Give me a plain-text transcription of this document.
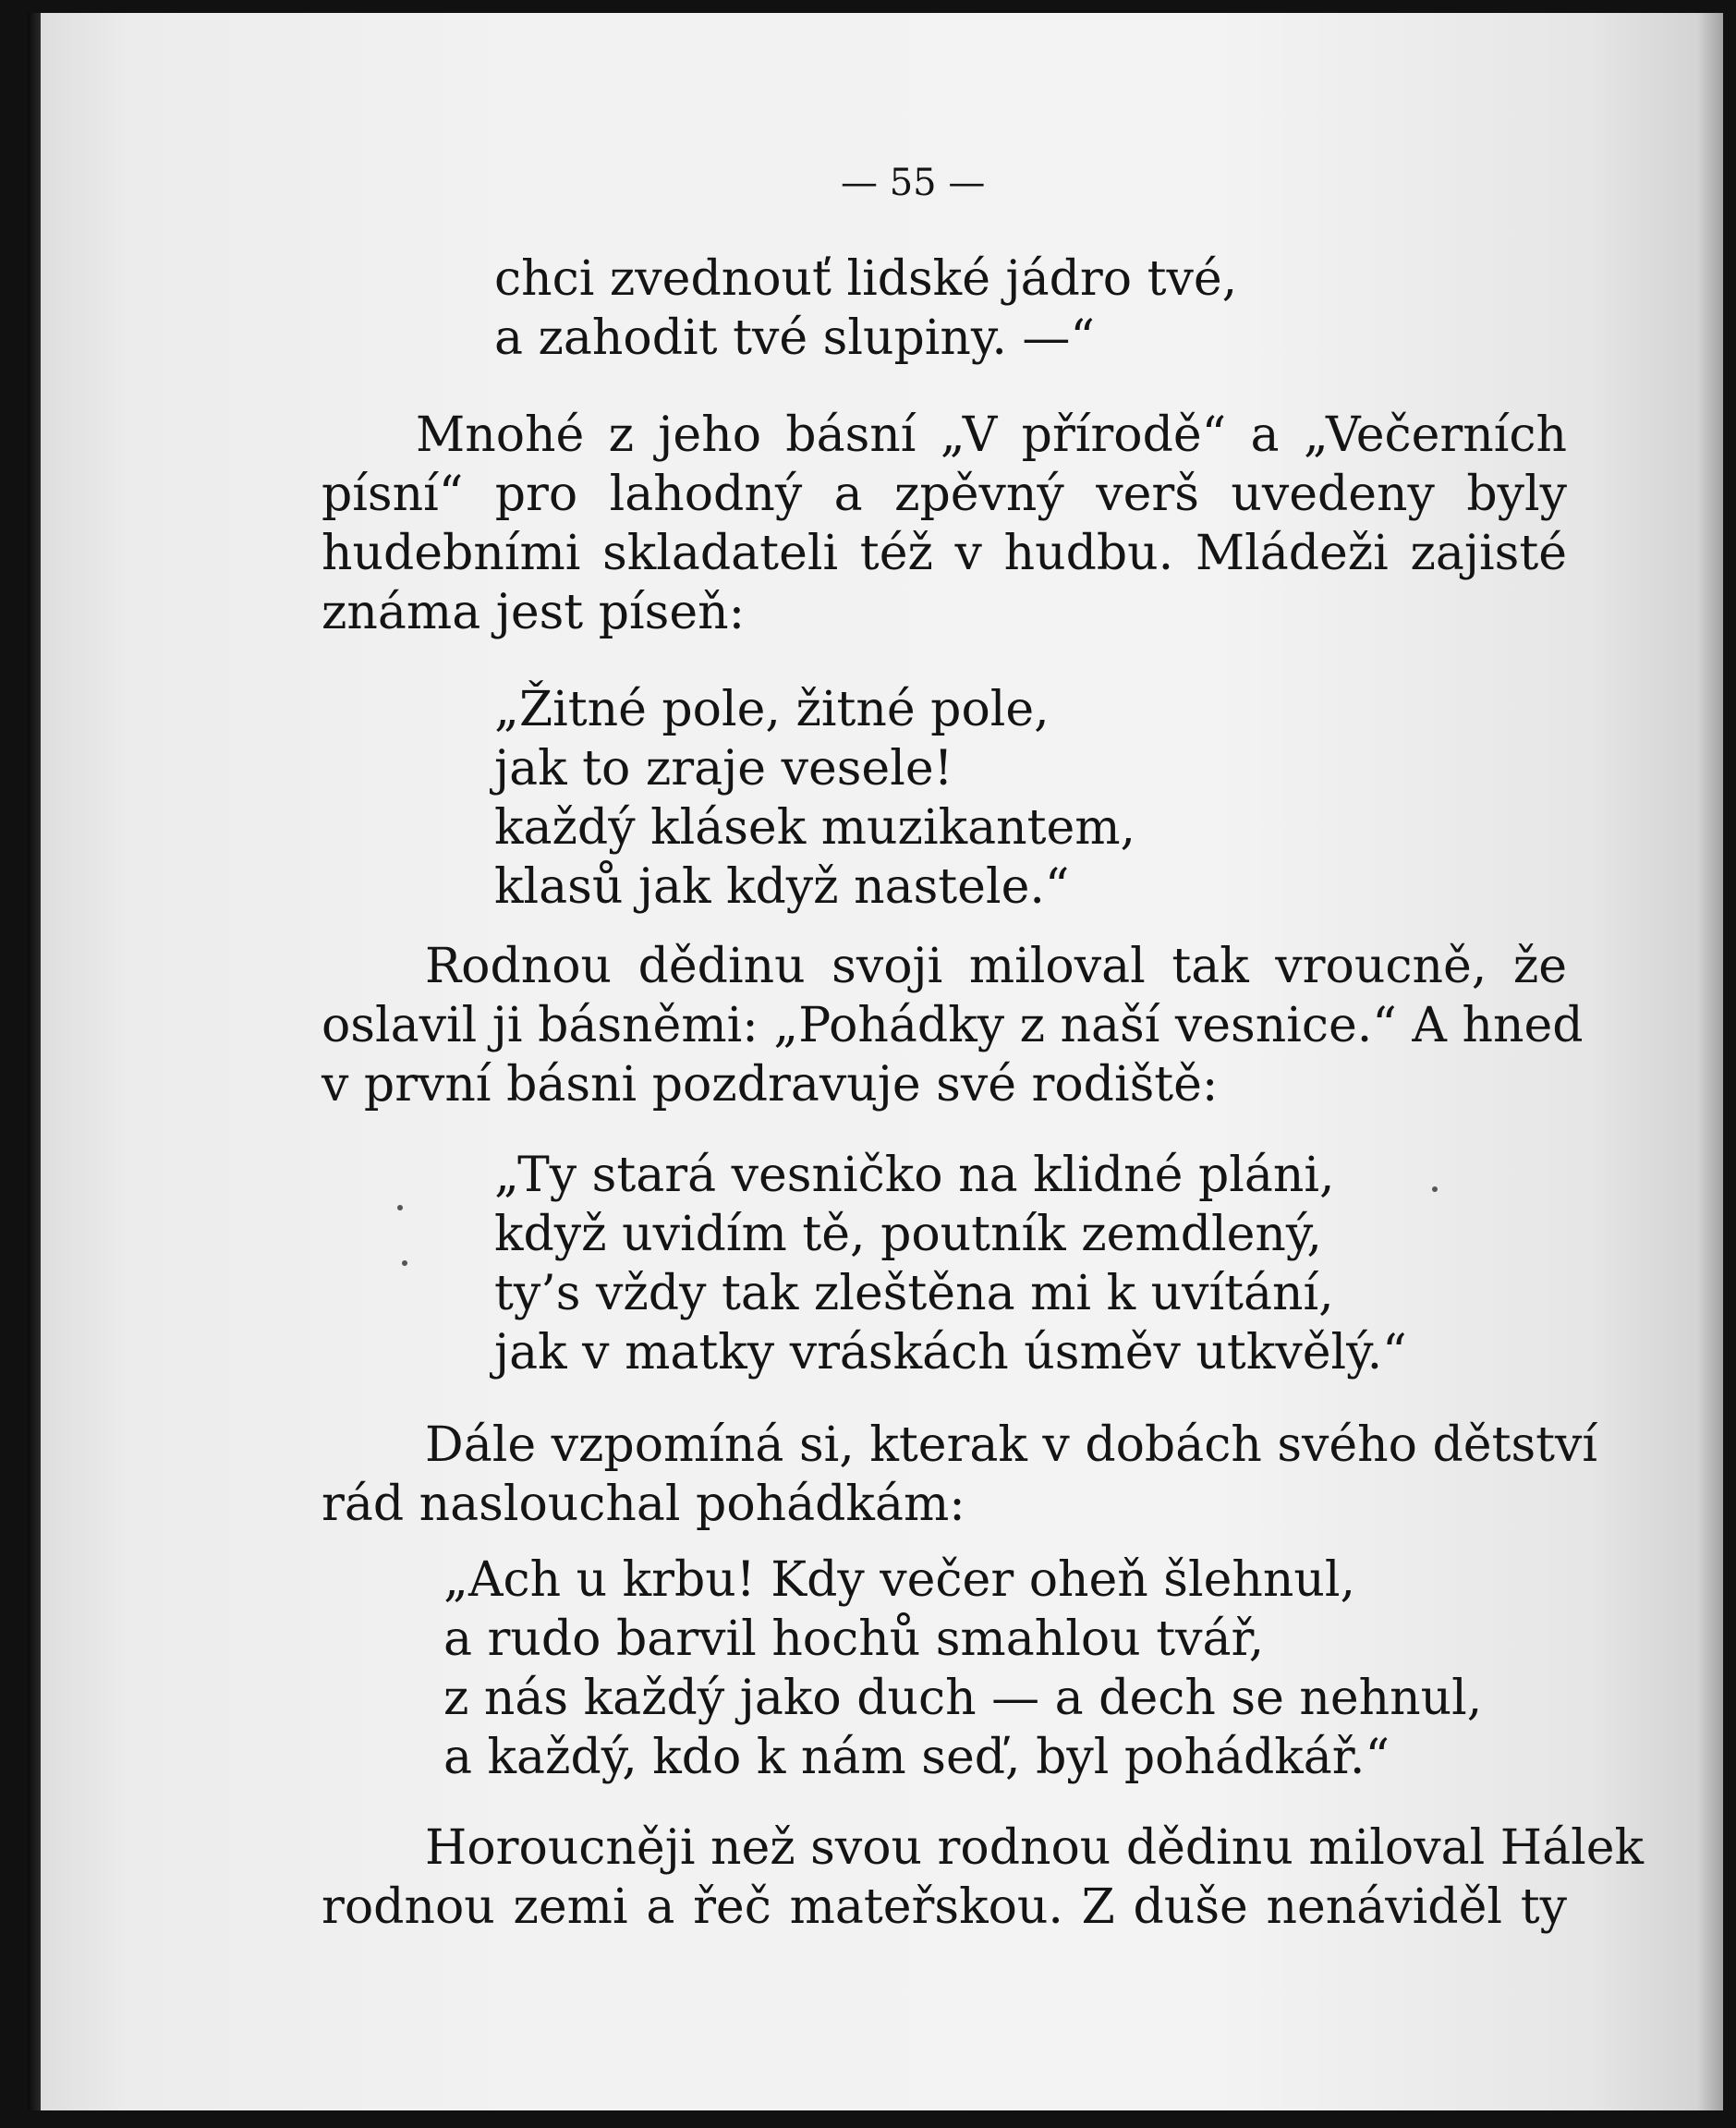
— 55 —
chci zvednouť lidské jádro tvé,
a zahodit tvé slupiny. —“
Mnohé z jeho básní „V přírodě“ a „Večerních
písní“ pro lahodný a zpěvný verš uvedeny byly
hudebními skladateli též v hudbu. Mládeži zajisté
známa jest píseň:
„Žitné pole, žitné pole,
jak to zraje vesele!
každý klásek muzikantem,
klasů jak když nastele.“
Rodnou dědinu svoji miloval tak vroucně, že
oslavil ji básněmi: „Pohádky z naší vesnice.“ A hned
v první básni pozdravuje své rodiště:
„Ty stará vesničko na klidné pláni,
když uvidím tě, poutník zemdlený,
ty’s vždy tak zleštěna mi k uvítání,
jak v matky vráskách úsměv utkvělý.“
Dále vzpomíná si, kterak v dobách svého dětství
rád naslouchal pohádkám:
„Ach u krbu! Kdy večer oheň šlehnul,
a rudo barvil hochů smahlou tvář,
z nás každý jako duch — a dech se nehnul,
a každý, kdo k nám seď, byl pohádkář.“
Horoucněji než svou rodnou dědinu miloval Hálek
rodnou zemi a řeč mateřskou. Z duše nenáviděl ty
